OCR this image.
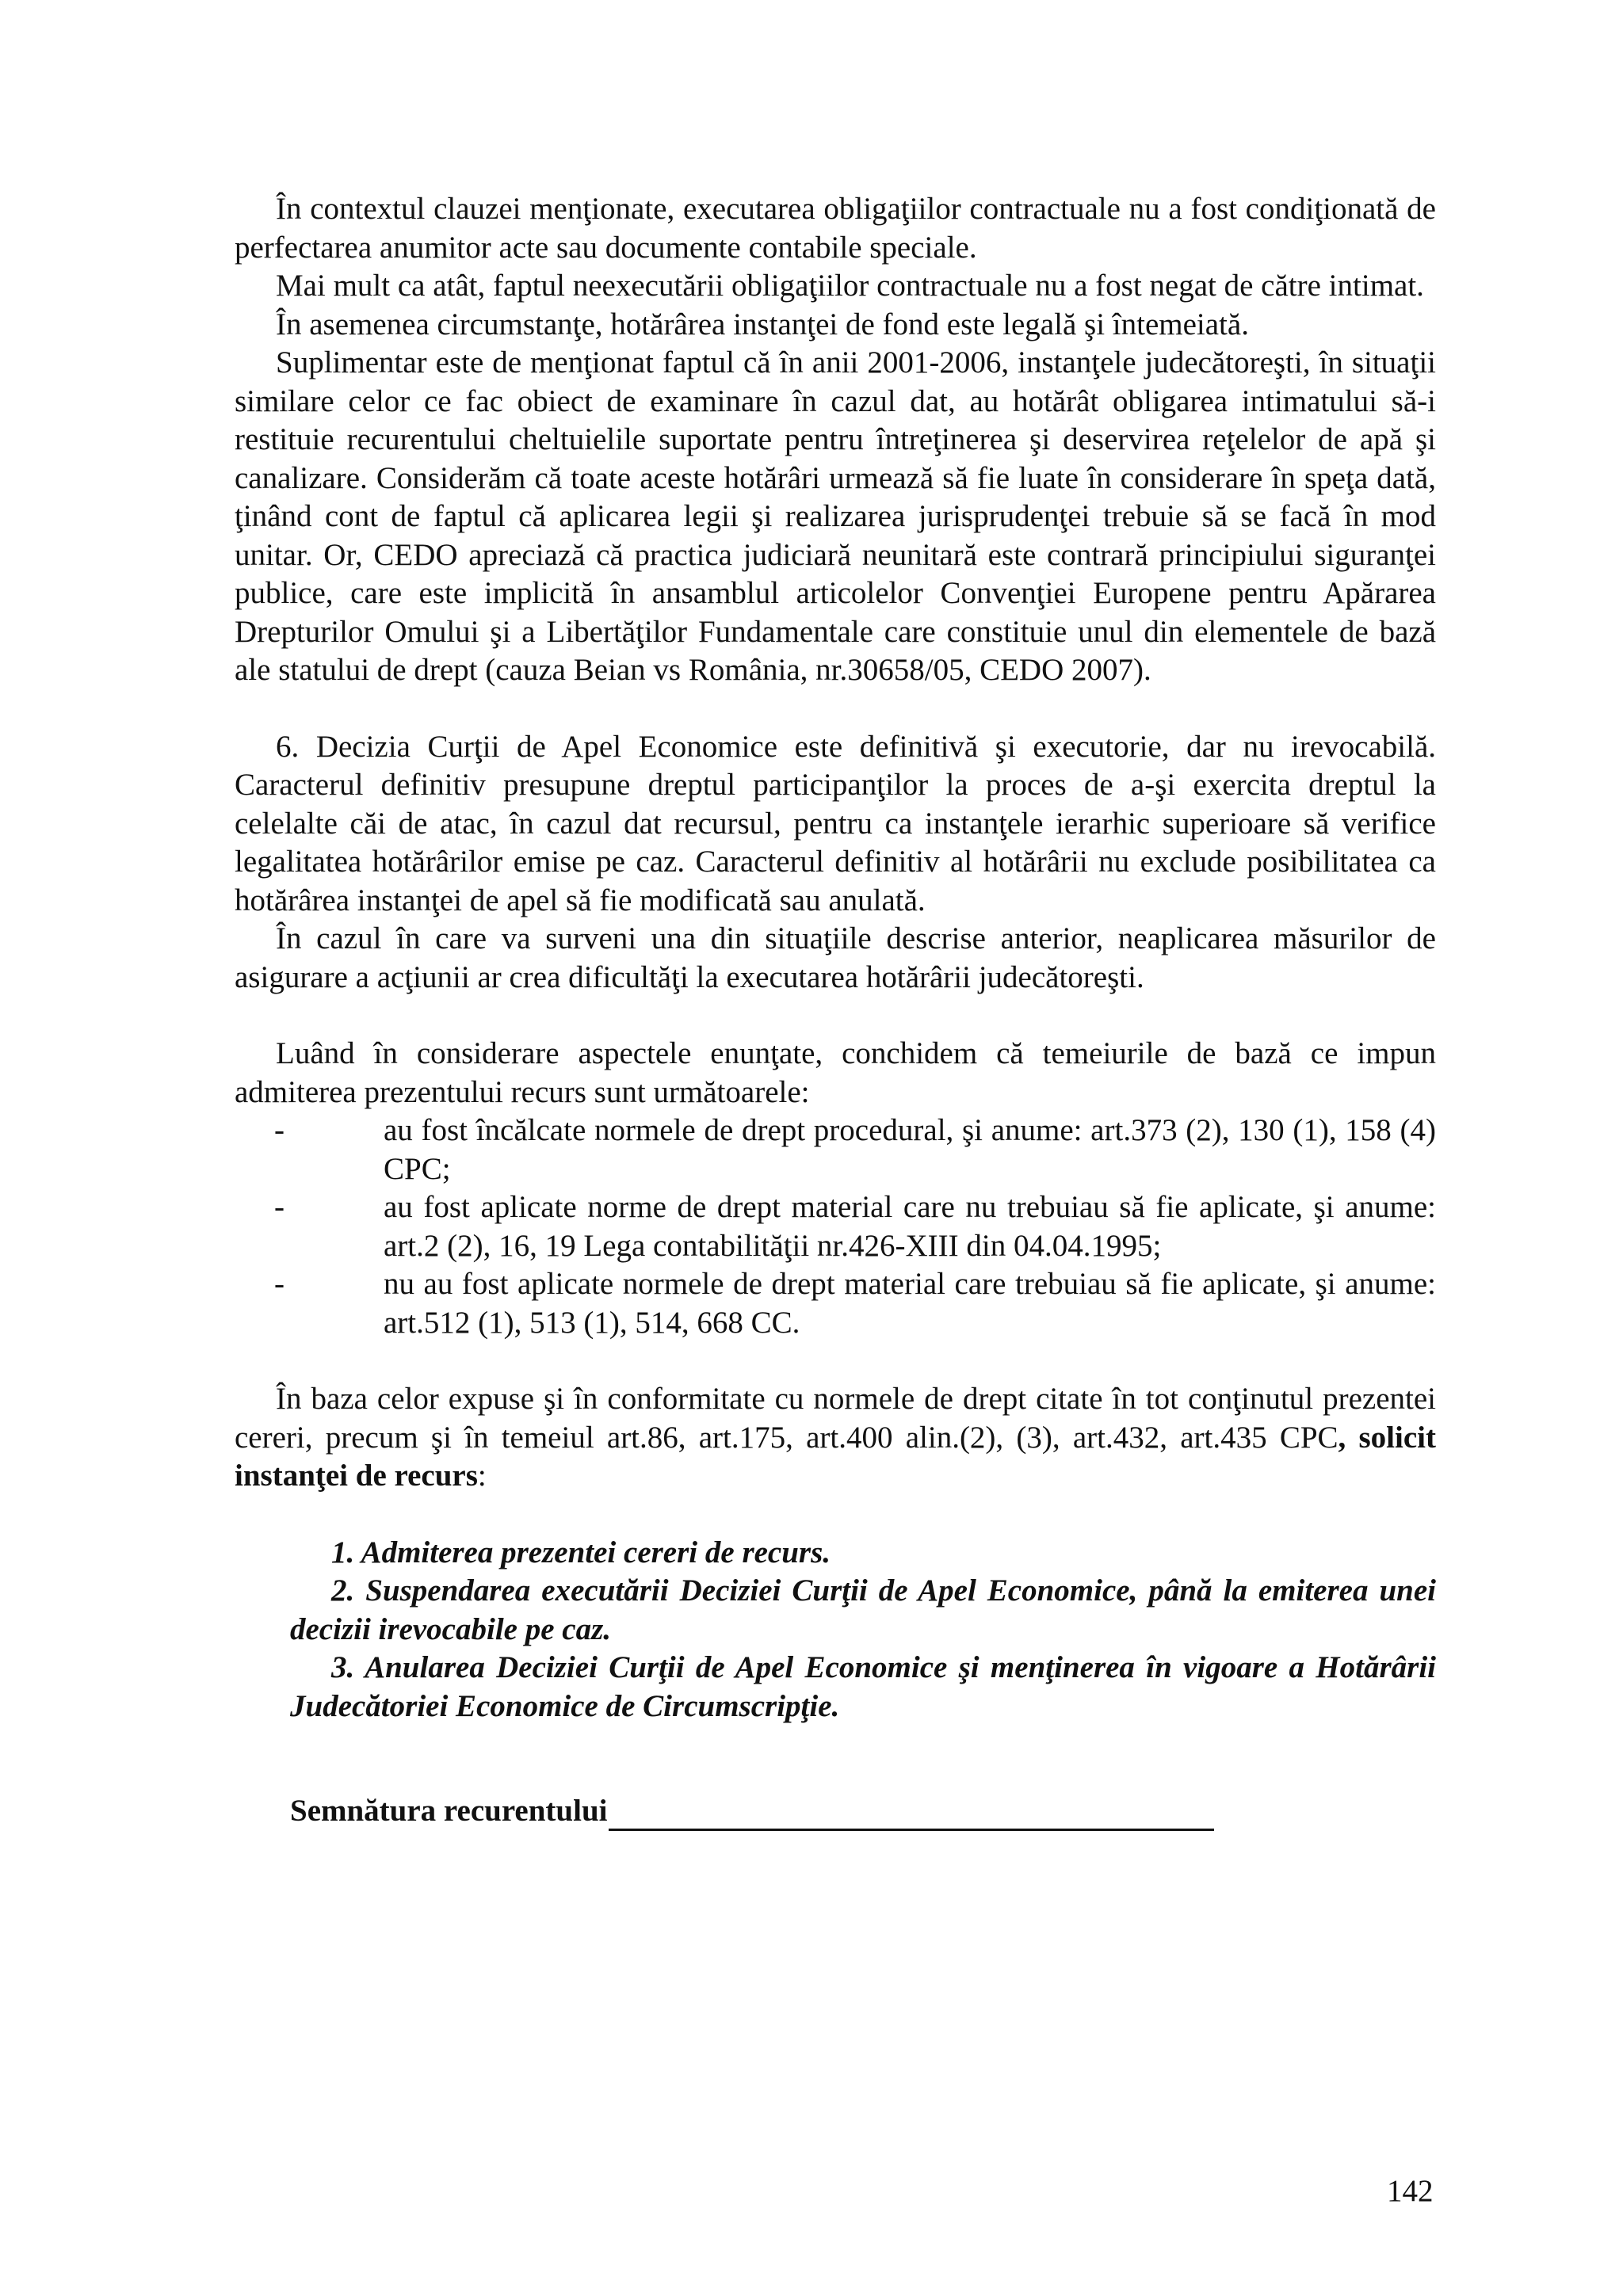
În contextul clauzei menţionate, executarea obligaţiilor contractuale nu a fost condiţionată de perfectarea anumitor acte sau documente contabile speciale.

Mai mult ca atât, faptul neexecutării obligaţiilor contractuale nu a fost negat de către intimat.

În asemenea circumstanţe, hotărârea instanţei de fond este legală şi întemeiată.

Suplimentar este de menţionat faptul că în anii 2001-2006, instanţele judecătoreşti, în situaţii similare celor ce fac obiect de examinare în cazul dat, au hotărât obligarea intimatului să-i restituie recurentului cheltuielile suportate pentru întreţinerea şi deservirea reţelelor de apă şi canalizare. Considerăm că toate aceste hotărâri urmează să fie luate în considerare în speţa dată, ţinând cont de faptul că aplicarea legii şi realizarea jurisprudenţei trebuie să se facă în mod unitar. Or, CEDO apreciază că practica judiciară neunitară este contrară principiului siguranţei publice, care este implicită în ansamblul articolelor Convenţiei Europene pentru Apărarea Drepturilor Omului şi a Libertăţilor Fundamentale care constituie unul din elementele de bază ale statului de drept (cauza Beian vs România, nr.30658/05, CEDO 2007).

6. Decizia Curţii de Apel Economice este definitivă şi executorie, dar nu irevocabilă. Caracterul definitiv presupune dreptul participanţilor la proces de a-şi exercita dreptul la celelalte căi de atac, în cazul dat recursul, pentru ca instanţele ierarhic superioare să verifice legalitatea hotărârilor emise pe caz. Caracterul definitiv al hotărârii nu exclude posibilitatea ca hotărârea instanţei de apel să fie modificată sau anulată.

În cazul în care va surveni una din situaţiile descrise anterior, neaplicarea măsurilor de asigurare a acţiunii ar crea dificultăţi la executarea hotărârii judecătoreşti.

Luând în considerare aspectele enunţate, conchidem că temeiurile de bază ce impun admiterea prezentului recurs sunt următoarele:

-	au fost încălcate normele de drept procedural, şi anume: art.373 (2), 130 (1), 158 (4) CPC;
-	au fost aplicate norme de drept material care nu trebuiau să fie aplicate, şi anume: art.2 (2), 16, 19 Lega contabilităţii nr.426-XIII din 04.04.1995;
-	nu au fost aplicate normele de drept material care trebuiau să fie aplicate, şi anume: art.512 (1), 513 (1), 514, 668 CC.

În baza celor expuse şi în conformitate cu normele de drept citate în tot conţinutul prezentei cereri, precum şi în temeiul art.86, art.175, art.400 alin.(2), (3), art.432, art.435 CPC, solicit instanţei de recurs:

1. Admiterea prezentei cereri de recurs.
2. Suspendarea executării Deciziei Curţii de Apel Economice, până la emiterea unei decizii irevocabile pe caz.
3. Anularea Deciziei Curţii de Apel Economice şi menţinerea în vigoare a Hotărârii Judecătoriei Economice de Circumscripţie.
Semnătura recurentului
142
